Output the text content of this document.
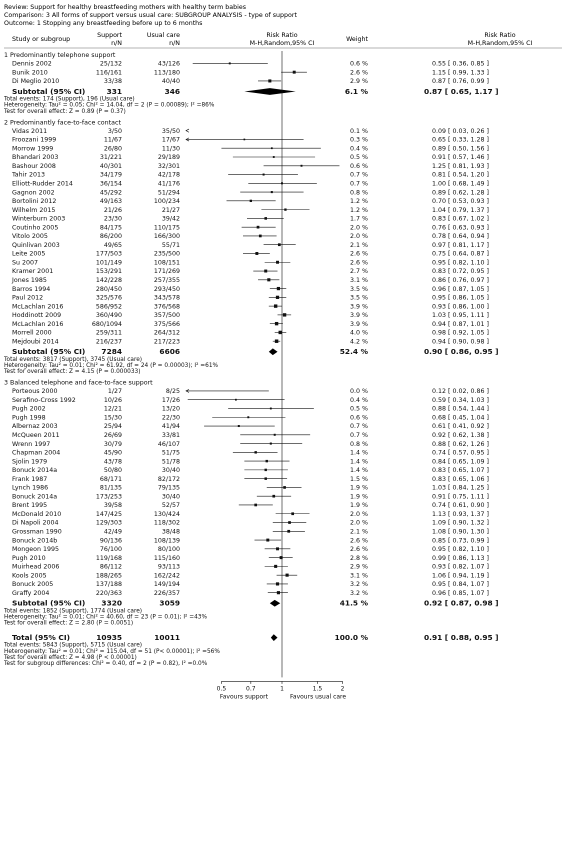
Review: Support for healthy breastfeeding mothers with healthy term babies
Comparison: 3 All forms of support versus usual care: SUBGROUP ANALYSIS - type of support
Outcome: 1 Stopping any breastfeeding before up to 6 months
Study or subgroup
Support
n/N
Usual care
n/N
Risk Ratio
M-H,Random,95% CI
Weight
Risk Ratio
M-H,Random,95% CI
1 Predominantly telephone support
Dennis 2002	25/132	43/126	0.6 %	0.55 [ 0.36, 0.85 ]
Bunik 2010	116/161	113/180	2.6 %	1.15 [ 0.99, 1.33 ]
Di Meglio 2010	33/38	40/40	2.9 %	0.87 [ 0.76, 0.99 ]
Subtotal (95% CI)	331	346	6.1 %	0.87 [ 0.65, 1.17 ]
Total events: 174 (Support), 196 (Usual care)
Heterogeneity: Tau² = 0.05; Chi² = 14.04, df = 2 (P = 0.00089); I² =86%
Test for overall effect: Z = 0.89 (P = 0.37)
2 Predominantly face-to-face contact
Vidas 2011	3/50	35/50	0.1 %	0.09 [ 0.03, 0.26 ]
Froozani 1999	11/67	17/67	0.3 %	0.65 [ 0.33, 1.28 ]
Morrow 1999	26/80	11/30	0.4 %	0.89 [ 0.50, 1.56 ]
Bhandari 2003	31/221	29/189	0.5 %	0.91 [ 0.57, 1.46 ]
Bashour 2008	40/301	32/301	0.6 %	1.25 [ 0.81, 1.93 ]
Tahir 2013	34/179	42/178	0.7 %	0.81 [ 0.54, 1.20 ]
Elliott-Rudder 2014	36/154	41/176	0.7 %	1.00 [ 0.68, 1.49 ]
Gagnon 2002	45/292	51/294	0.8 %	0.89 [ 0.62, 1.28 ]
Bortolini 2012	49/163	100/234	1.2 %	0.70 [ 0.53, 0.93 ]
Wilhelm 2015	21/26	21/27	1.2 %	1.04 [ 0.79, 1.37 ]
Winterburn 2003	23/30	39/42	1.7 %	0.83 [ 0.67, 1.02 ]
Coutinho 2005	84/175	110/175	2.0 %	0.76 [ 0.63, 0.93 ]
Vitolo 2005	86/200	166/300	2.0 %	0.78 [ 0.64, 0.94 ]
Quinlivan 2003	49/65	55/71	2.1 %	0.97 [ 0.81, 1.17 ]
Leite 2005	177/503	235/500	2.6 %	0.75 [ 0.64, 0.87 ]
Su 2007	101/149	108/151	2.6 %	0.95 [ 0.82, 1.10 ]
Kramer 2001	153/291	171/269	2.7 %	0.83 [ 0.72, 0.95 ]
Jones 1985	142/228	257/355	3.1 %	0.86 [ 0.76, 0.97 ]
Barros 1994	280/450	293/450	3.5 %	0.96 [ 0.87, 1.05 ]
Paul 2012	325/576	343/578	3.5 %	0.95 [ 0.86, 1.05 ]
McLachlan 2016	586/952	376/568	3.9 %	0.93 [ 0.86, 1.00 ]
Hoddinott 2009	360/490	357/500	3.9 %	1.03 [ 0.95, 1.11 ]
McLachlan 2016	680/1094	375/566	3.9 %	0.94 [ 0.87, 1.01 ]
Morrell 2000	259/311	264/312	4.0 %	0.98 [ 0.92, 1.05 ]
Mejdoubi 2014	216/237	217/223	4.2 %	0.94 [ 0.90, 0.98 ]
Subtotal (95% CI) 7284	6606	52.4 %	0.90 [ 0.86, 0.95 ]
Total events: 3817 (Support), 3745 (Usual care)
Heterogeneity: Tau² = 0.01; Chi² = 61.92, df = 24 (P = 0.00003); I² =61%
Test for overall effect: Z = 4.15 (P = 0.000033)
3 Balanced telephone and face-to-face support
Porteous 2000	1/27	8/25	0.0 %	0.12 [ 0.02, 0.86 ]
Serafino-Cross 1992	10/26	17/26	0.4 %	0.59 [ 0.34, 1.03 ]
Pugh 2002	12/21	13/20	0.5 %	0.88 [ 0.54, 1.44 ]
Pugh 1998	15/30	22/30	0.6 %	0.68 [ 0.45, 1.04 ]
Albernaz 2003	25/94	41/94	0.7 %	0.61 [ 0.41, 0.92 ]
McQueen 2011	26/69	33/81	0.7 %	0.92 [ 0.62, 1.38 ]
Wrenn 1997	30/79	46/107	0.8 %	0.88 [ 0.62, 1.26 ]
Chapman 2004	45/90	51/75	1.4 %	0.74 [ 0.57, 0.95 ]
Sjolin 1979	43/78	51/78	1.4 %	0.84 [ 0.65, 1.09 ]
Bonuck 2014a	50/80	30/40	1.4 %	0.83 [ 0.65, 1.07 ]
Frank 1987	68/171	82/172	1.5 %	0.83 [ 0.65, 1.06 ]
Lynch 1986	81/135	79/135	1.9 %	1.03 [ 0.84, 1.25 ]
Bonuck 2014a	173/253	30/40	1.9 %	0.91 [ 0.75, 1.11 ]
Brent 1995	39/58	52/57	1.9 %	0.74 [ 0.61, 0.90 ]
McDonald 2010	147/425	130/424	2.0 %	1.13 [ 0.93, 1.37 ]
Di Napoli 2004	129/303	118/302	2.0 %	1.09 [ 0.90, 1.32 ]
Grossman 1990	42/49	38/48	2.1 %	1.08 [ 0.90, 1.30 ]
Bonuck 2014b	90/136	108/139	2.6 %	0.85 [ 0.73, 0.99 ]
Mongeon 1995	76/100	80/100	2.6 %	0.95 [ 0.82, 1.10 ]
Pugh 2010	119/168	115/160	2.8 %	0.99 [ 0.86, 1.13 ]
Muirhead 2006	86/112	93/113	2.9 %	0.93 [ 0.82, 1.07 ]
Kools 2005	188/265	162/242	3.1 %	1.06 [ 0.94, 1.19 ]
Bonuck 2005	137/188	149/194	3.2 %	0.95 [ 0.84, 1.07 ]
Graffy 2004	220/363	226/357	3.2 %	0.96 [ 0.85, 1.07 ]
Subtotal (95% CI) 3320	3059	41.5 %	0.92 [ 0.87, 0.98 ]
Total events: 1852 (Support), 1774 (Usual care)
Heterogeneity: Tau² = 0.01; Chi² = 40.60, df = 23 (P = 0.01); I² =43%
Test for overall effect: Z = 2.80 (P = 0.0051)
Total (95% CI)	10935	10011	100.0 %	0.91 [ 0.88, 0.95 ]
Total events: 5843 (Support), 5715 (Usual care)
Heterogeneity: Tau² = 0.01; Chi² = 115.04, df = 51 (P< 0.00001); I² =56%
Test for overall effect: Z = 4.98 (P < 0.00001)
Test for subgroup differences: Chi² = 0.40, df = 2 (P = 0.82), I² =0.0%
0.5	0.7	1	1.5	2
Favours support	Favours usual care
